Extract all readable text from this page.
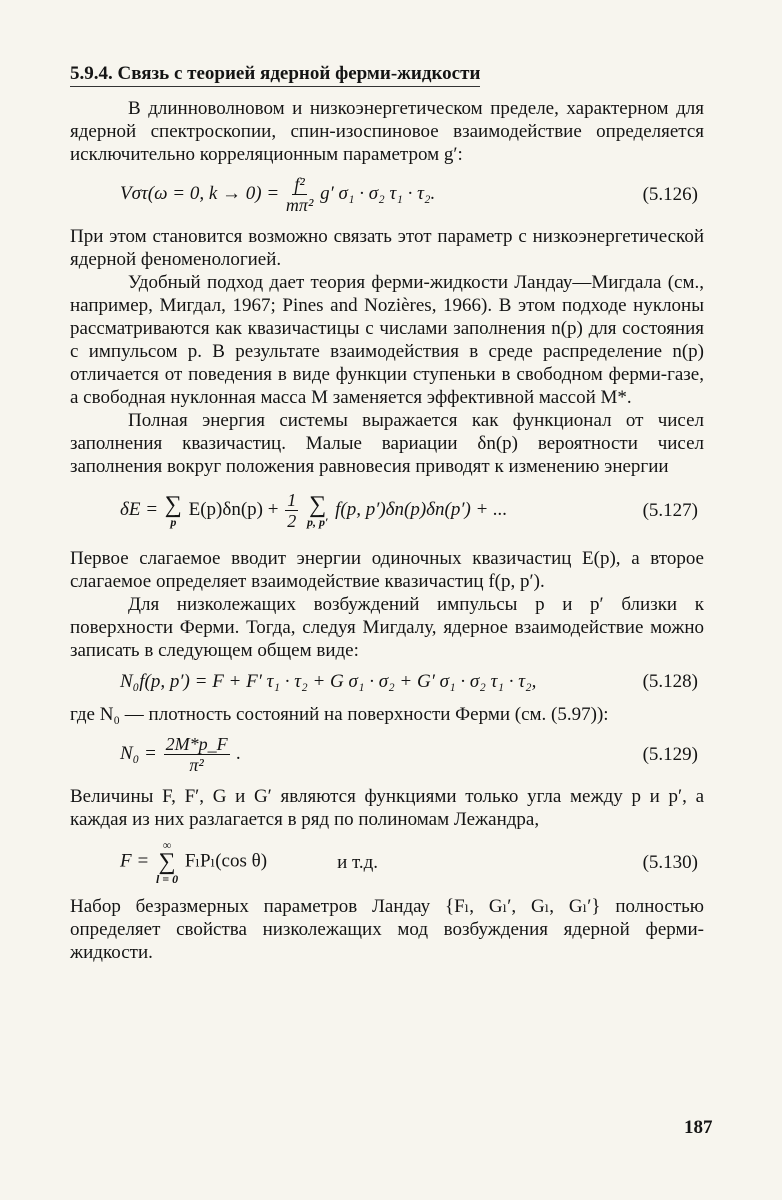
5.9.4. Связь с теорией ядерной ферми-жидкости

В длинноволновом и низкоэнергетическом пределе, характерном для ядерной спектроскопии, спин-изоспиновое взаимодействие определяется исключительно корреляционным параметром g′:

Vστ(ω = 0, $k \to 0) = \frac{\text{f²}}{\text{mπ²}} g'$ σ₁ · σ₂ τ₁ · τ₂.	(5.126)

При этом становится возможно связать этот параметр с низкоэнергетической ядерной феноменологией.

Удобный подход дает теория ферми-жидкости Ландау—Мигдала (см., например, Мигдал, 1967; Pines and Nozières, 1966). В этом подходе нуклоны рассматриваются как квазичастицы с числами заполнения n(p) для состояния с импульсом p. В результате взаимодействия в среде распределение n(p) отличается от поведения в виде функции ступеньки в свободном ферми-газе, а свободная нуклонная масса M заменяется эффективной массой M*.

Полная энергия системы выражается как функционал от чисел заполнения квазичастиц. Малые вариации δn(p) вероятности чисел заполнения вокруг положения равновесия приводят к изменению энергии

δE = ∑
p
$E(p)\delta n(p) + \frac{1}{2}$
∑
p, p′
f(p, p′)δn(p)δn(p′) + ...	(5.127)

Первое слагаемое вводит энергии одиночных квазичастиц E(p), а второе слагаемое определяет взаимодействие квазичастиц f(p, p′).

Для низколежащих возбуждений импульсы p и p′ близки к поверхности Ферми. Тогда, следуя Мигдалу, ядерное взаимодействие можно записать в следующем общем виде:

N₀f(p, p′) = F + F′ τ₁ · τ₂ + G σ₁ · σ₂ + G′ σ₁ · σ₂ τ₁ · τ₂,	(5.128)

где N₀ — плотность состояний на поверхности Ферми (см. (5.97)):

$N_0 = \frac{2M*p\_F}{\text{π²}}$ .	(5.129)

Величины F, F′, G и G′ являются функциями только угла между p и p′, а каждая из них разлагается в ряд по полиномам Лежандра,

F =
∞
∑
l = 0
FₗPₗ(cos θ)	и т.д.	(5.130)

Набор безразмерных параметров Ландау {Fₗ, Gₗ′, Gₗ, Gₗ′} полностью определяет свойства низколежащих мод возбуждения ядерной ферми-жидкости.

187
